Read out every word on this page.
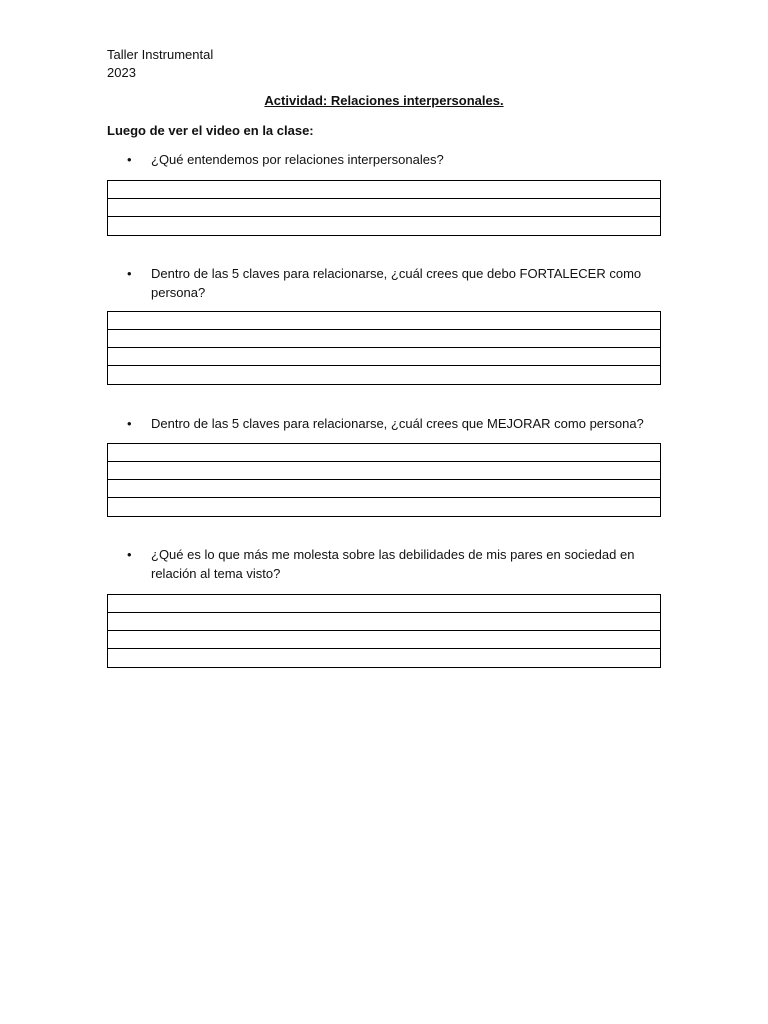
Taller Instrumental
2023
Actividad: Relaciones interpersonales.
Luego de ver el video en la clase:
• ¿Qué entendemos por relaciones interpersonales?
• Dentro de las 5 claves para relacionarse, ¿cuál crees que debo FORTALECER como persona?
• Dentro de las 5 claves para relacionarse, ¿cuál crees que MEJORAR como persona?
• ¿Qué es lo que más me molesta sobre las debilidades de mis pares en sociedad en relación al tema visto?
